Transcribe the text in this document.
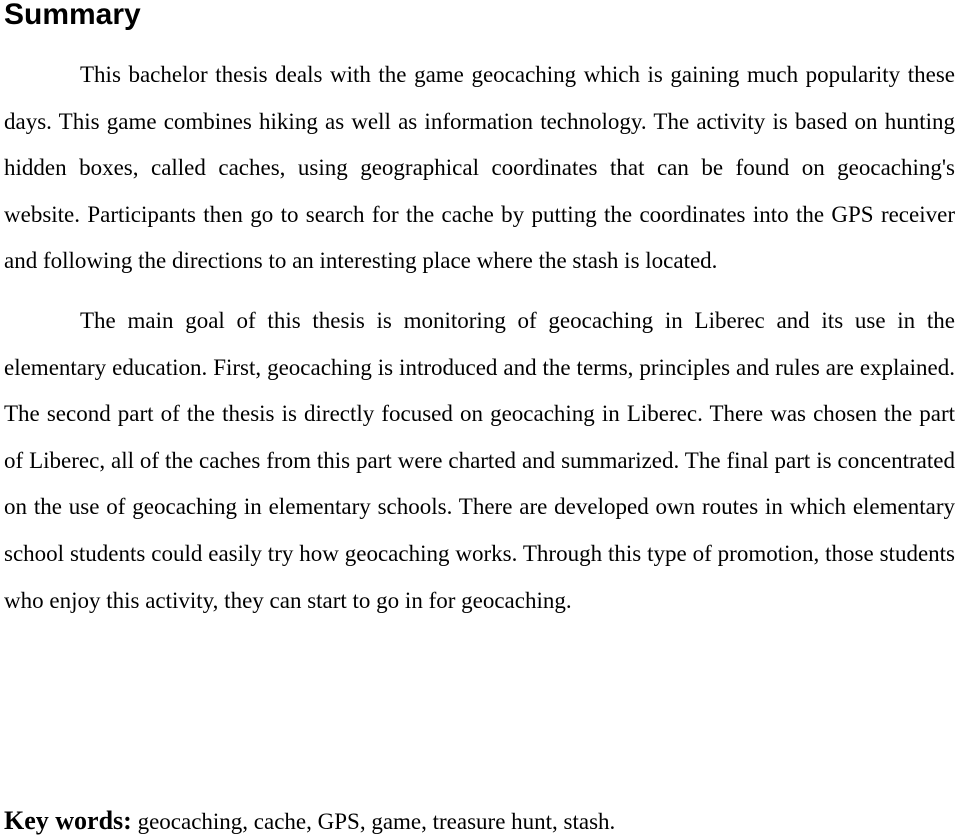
Summary

This bachelor thesis deals with the game geocaching which is gaining much popularity these days. This game combines hiking as well as information technology. The activity is based on hunting hidden boxes, called caches, using geographical coordinates that can be found on geocaching's website. Participants then go to search for the cache by putting the coordinates into the GPS receiver and following the directions to an interesting place where the stash is located.

The main goal of this thesis is monitoring of geocaching in Liberec and its use in the elementary education. First, geocaching is introduced and the terms, principles and rules are explained. The second part of the thesis is directly focused on geocaching in Liberec. There was chosen the part of Liberec, all of the caches from this part were charted and summarized. The final part is concentrated on the use of geocaching in elementary schools. There are developed own routes in which elementary school students could easily try how geocaching works. Through this type of promotion, those students who enjoy this activity, they can start to go in for geocaching.

Key words: geocaching, cache, GPS, game, treasure hunt, stash.
